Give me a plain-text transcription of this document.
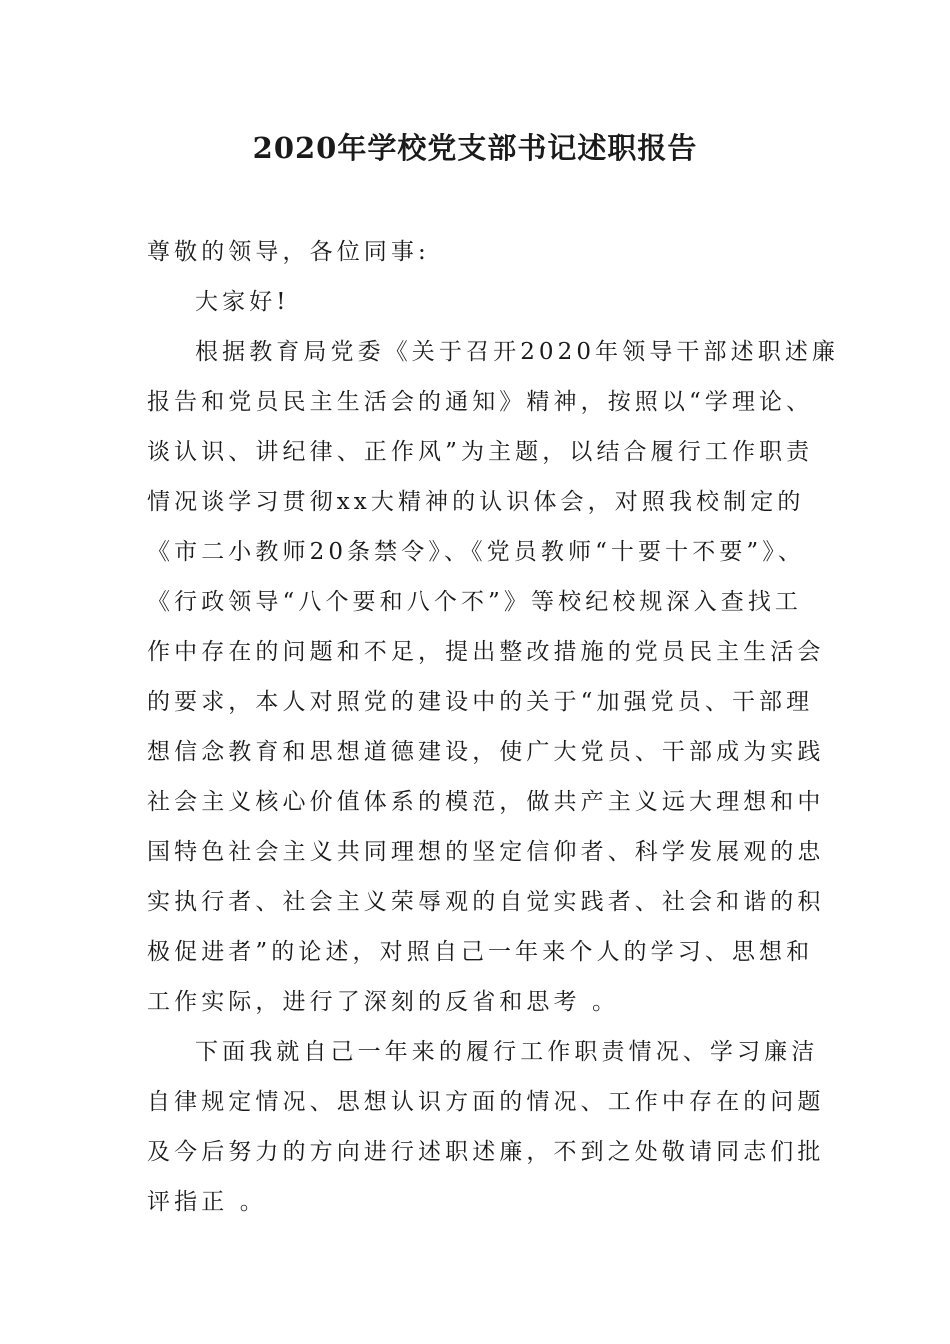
2020年学校党支部书记述职报告
尊敬的领导，各位同事:
大家好!
根据教育局党委《关于召开2020年领导干部述职述廉
报告和党员民主生活会的通知》精神，按照以“学理论、
谈认识、讲纪律、正作风”为主题，以结合履行工作职责
情况谈学习贯彻xx大精神的认识体会，对照我校制定的
《市二小教师20条禁令》、《党员教师“十要十不要”》、
《行政领导“八个要和八个不”》等校纪校规深入查找工
作中存在的问题和不足，提出整改措施的党员民主生活会
的要求，本人对照党的建设中的关于“加强党员、干部理
想信念教育和思想道德建设，使广大党员、干部成为实践
社会主义核心价值体系的模范，做共产主义远大理想和中
国特色社会主义共同理想的坚定信仰者、科学发展观的忠
实执行者、社会主义荣辱观的自觉实践者、社会和谐的积
极促进者”的论述，对照自己一年来个人的学习、思想和
工作实际，进行了深刻的反省和思考 。
下面我就自己一年来的履行工作职责情况、学习廉洁
自律规定情况、思想认识方面的情况、工作中存在的问题
及今后努力的方向进行述职述廉，不到之处敬请同志们批
评指正 。
